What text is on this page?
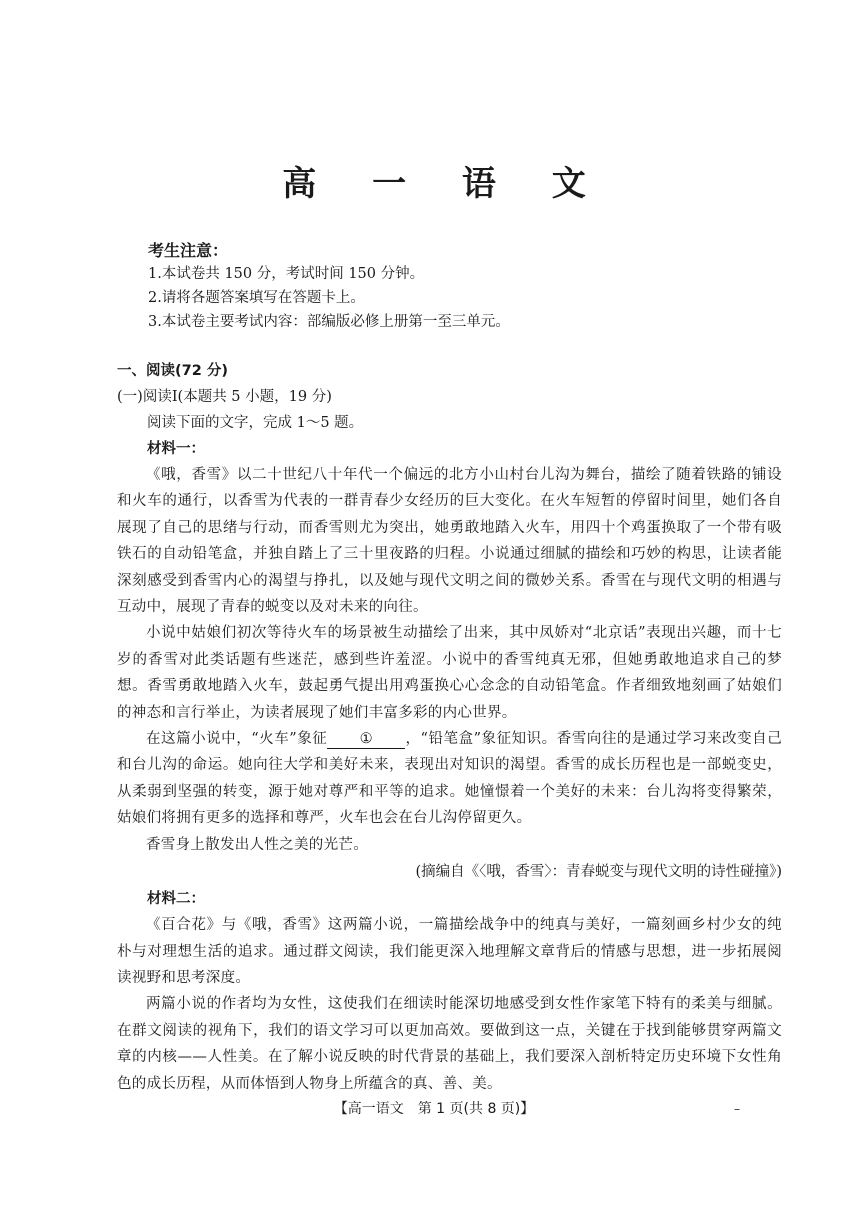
高 一 语 文
考生注意：
1.本试卷共 150 分，考试时间 150 分钟。
2.请将各题答案填写在答题卡上。
3.本试卷主要考试内容：部编版必修上册第一至三单元。
一、阅读(72 分)
(一)阅读Ⅰ(本题共 5 小题，19 分)
阅读下面的文字，完成 1～5 题。
材料一：

《哦，香雪》以二十世纪八十年代一个偏远的北方小山村台儿沟为舞台，描绘了随着铁路的铺设和火车的通行，以香雪为代表的一群青春少女经历的巨大变化。在火车短暂的停留时间里，她们各自展现了自己的思绪与行动，而香雪则尤为突出，她勇敢地踏入火车，用四十个鸡蛋换取了一个带有吸铁石的自动铅笔盒，并独自踏上了三十里夜路的归程。小说通过细腻的描绘和巧妙的构思，让读者能深刻感受到香雪内心的渴望与挣扎，以及她与现代文明之间的微妙关系。香雪在与现代文明的相遇与互动中，展现了青春的蜕变以及对未来的向往。

小说中姑娘们初次等待火车的场景被生动描绘了出来，其中凤娇对“北京话”表现出兴趣，而十七岁的香雪对此类话题有些迷茫，感到些许羞涩。小说中的香雪纯真无邪，但她勇敢地追求自己的梦想。香雪勇敢地踏入火车，鼓起勇气提出用鸡蛋换心心念念的自动铅笔盒。作者细致地刻画了姑娘们的神态和言行举止，为读者展现了她们丰富多彩的内心世界。

在这篇小说中，“火车”象征 ① ，“铅笔盒”象征知识。香雪向往的是通过学习来改变自己和台儿沟的命运。她向往大学和美好未来，表现出对知识的渴望。香雪的成长历程也是一部蜕变史，从柔弱到坚强的转变，源于她对尊严和平等的追求。她憧憬着一个美好的未来：台儿沟将变得繁荣，姑娘们将拥有更多的选择和尊严，火车也会在台儿沟停留更久。

香雪身上散发出人性之美的光芒。

(摘编自《〈哦，香雪〉：青春蜕变与现代文明的诗性碰撞》)
材料二：

《百合花》与《哦，香雪》这两篇小说，一篇描绘战争中的纯真与美好，一篇刻画乡村少女的纯朴与对理想生活的追求。通过群文阅读，我们能更深入地理解文章背后的情感与思想，进一步拓展阅读视野和思考深度。

两篇小说的作者均为女性，这使我们在细读时能深切地感受到女性作家笔下特有的柔美与细腻。在群文阅读的视角下，我们的语文学习可以更加高效。要做到这一点，关键在于找到能够贯穿两篇文章的内核——人性美。在了解小说反映的时代背景的基础上，我们要深入剖析特定历史环境下女性角色的成长历程，从而体悟到人物身上所蕴含的真、善、美。

【高一语文　第 1 页(共 8 页)】	–
